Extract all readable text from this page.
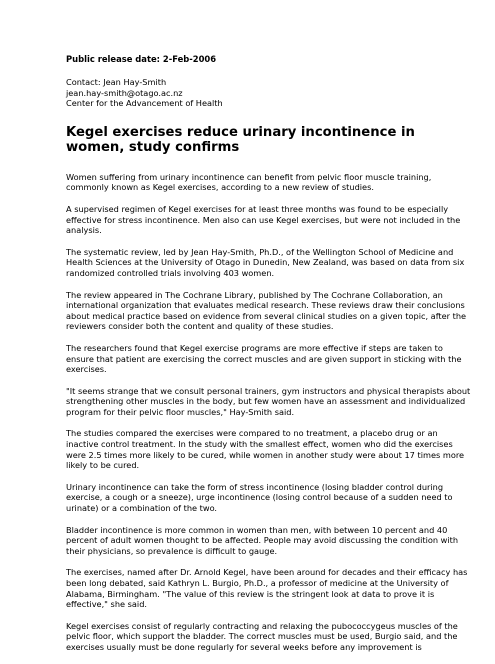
Public release date: 2-Feb-2006

Contact: Jean Hay-Smith

jean.hay-smith@otago.ac.nz

Center for the Advancement of Health

Kegel exercises reduce urinary incontinence in women, study confirms

Women suffering from urinary incontinence can benefit from pelvic floor muscle training, commonly known as Kegel exercises, according to a new review of studies.

A supervised regimen of Kegel exercises for at least three months was found to be especially effective for stress incontinence. Men also can use Kegel exercises, but were not included in the analysis.

The systematic review, led by Jean Hay-Smith, Ph.D., of the Wellington School of Medicine and Health Sciences at the University of Otago in Dunedin, New Zealand, was based on data from six randomized controlled trials involving 403 women.

The review appeared in The Cochrane Library, published by The Cochrane Collaboration, an international organization that evaluates medical research. These reviews draw their conclusions about medical practice based on evidence from several clinical studies on a given topic, after the reviewers consider both the content and quality of these studies.

The researchers found that Kegel exercise programs are more effective if steps are taken to ensure that patient are exercising the correct muscles and are given support in sticking with the exercises.

"It seems strange that we consult personal trainers, gym instructors and physical therapists about strengthening other muscles in the body, but few women have an assessment and individualized program for their pelvic floor muscles," Hay-Smith said.

The studies compared the exercises were compared to no treatment, a placebo drug or an inactive control treatment. In the study with the smallest effect, women who did the exercises were 2.5 times more likely to be cured, while women in another study were about 17 times more likely to be cured.

Urinary incontinence can take the form of stress incontinence (losing bladder control during exercise, a cough or a sneeze), urge incontinence (losing control because of a sudden need to urinate) or a combination of the two.

Bladder incontinence is more common in women than men, with between 10 percent and 40 percent of adult women thought to be affected. People may avoid discussing the condition with their physicians, so prevalence is difficult to gauge.

The exercises, named after Dr. Arnold Kegel, have been around for decades and their efficacy has been long debated, said Kathryn L. Burgio, Ph.D., a professor of medicine at the University of Alabama, Birmingham. "The value of this review is the stringent look at data to prove it is effective," she said.

Kegel exercises consist of regularly contracting and relaxing the pubococcygeus muscles of the pelvic floor, which support the bladder. The correct muscles must be used, Burgio said, and the exercises usually must be done regularly for several weeks before any improvement is
